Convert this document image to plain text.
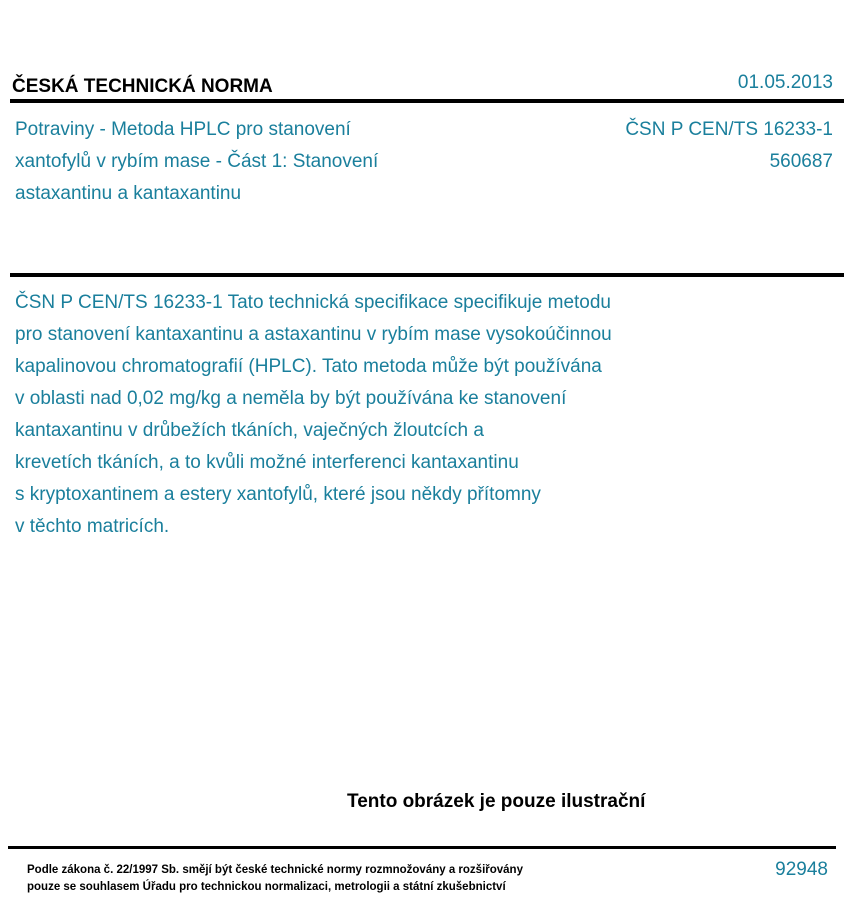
ČESKÁ TECHNICKÁ NORMA	01.05.2013
Potraviny - Metoda HPLC pro stanovení
xantofylů v rybím mase - Část 1: Stanovení
astaxantinu a kantaxantinu
ČSN P CEN/TS 16233-1
560687
ČSN P CEN/TS 16233-1 Tato technická specifikace specifikuje metodu
pro stanovení kantaxantinu a astaxantinu v rybím mase vysokoúčinnou
kapalinovou chromatografií (HPLC). Tato metoda může být používána
v oblasti nad 0,02 mg/kg a neměla by být používána ke stanovení
kantaxantinu v drůbežích tkáních, vaječných žloutcích a
krevetích tkáních, a to kvůli možné interferenci kantaxantinu
s kryptoxantinem a estery xantofylů, které jsou někdy přítomny
v těchto matricích.
Tento obrázek je pouze ilustrační
Podle zákona č. 22/1997 Sb. smějí být české technické normy rozmnožovány a rozšiřovány
pouze se souhlasem Úřadu pro technickou normalizaci, metrologii a státní zkušebnictví
92948
